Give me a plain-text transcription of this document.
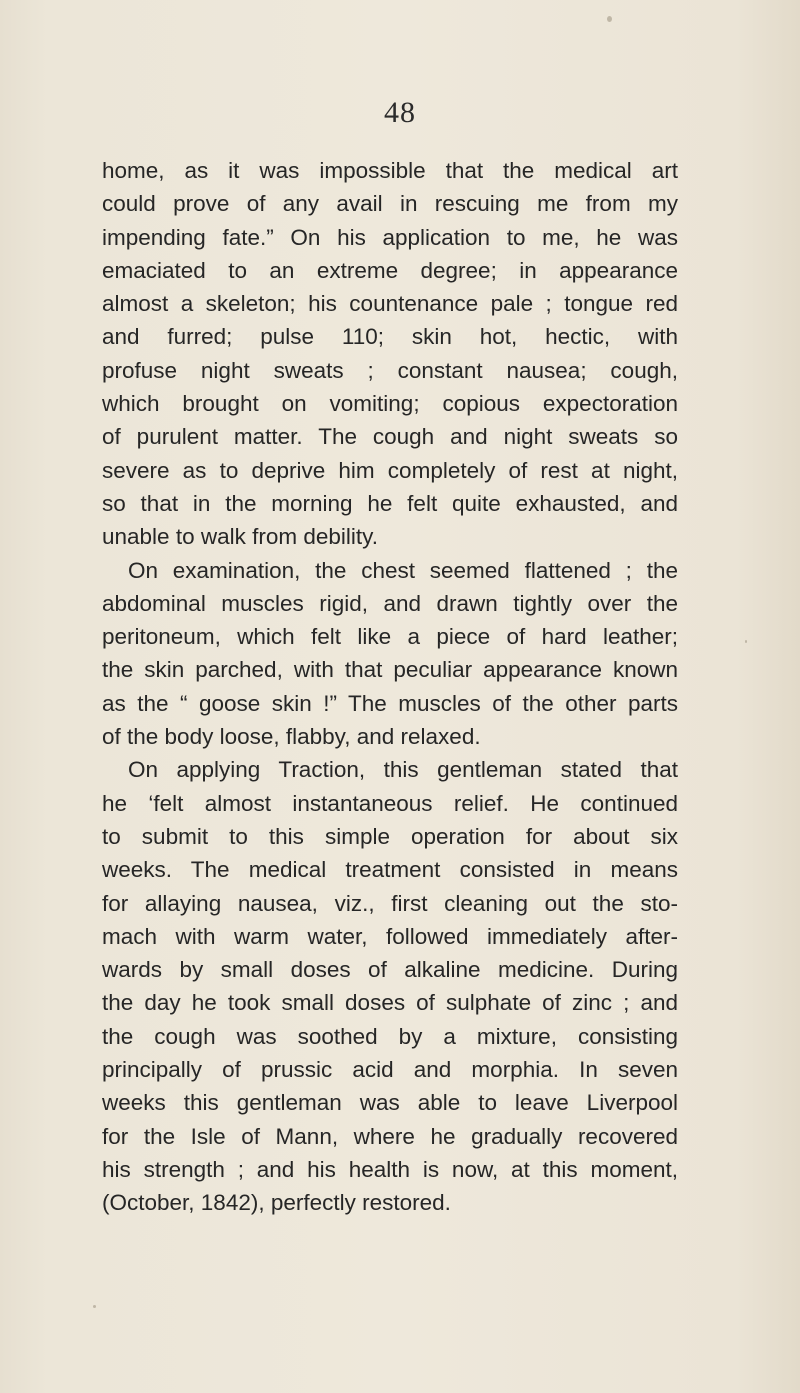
48
home, as it was impossible that the medical art
could prove of any avail in rescuing me from my
impending fate.” On his application to me, he was
emaciated to an extreme degree; in appearance
almost a skeleton; his countenance pale ; tongue red
and furred; pulse 110; skin hot, hectic, with
profuse night sweats ; constant nausea; cough,
which brought on vomiting; copious expectoration
of purulent matter. The cough and night sweats so
severe as to deprive him completely of rest at night,
so that in the morning he felt quite exhausted, and
unable to walk from debility.
On examination, the chest seemed flattened ; the
abdominal muscles rigid, and drawn tightly over the
peritoneum, which felt like a piece of hard leather;
the skin parched, with that peculiar appearance known
as the “ goose skin !” The muscles of the other parts
of the body loose, flabby, and relaxed.
On applying Traction, this gentleman stated that
he ‘felt almost instantaneous relief. He continued
to submit to this simple operation for about six
weeks. The medical treatment consisted in means
for allaying nausea, viz., first cleaning out the sto-
mach with warm water, followed immediately after-
wards by small doses of alkaline medicine. During
the day he took small doses of sulphate of zinc ; and
the cough was soothed by a mixture, consisting
principally of prussic acid and morphia. In seven
weeks this gentleman was able to leave Liverpool
for the Isle of Mann, where he gradually recovered
his strength ; and his health is now, at this moment,
(October, 1842), perfectly restored.
